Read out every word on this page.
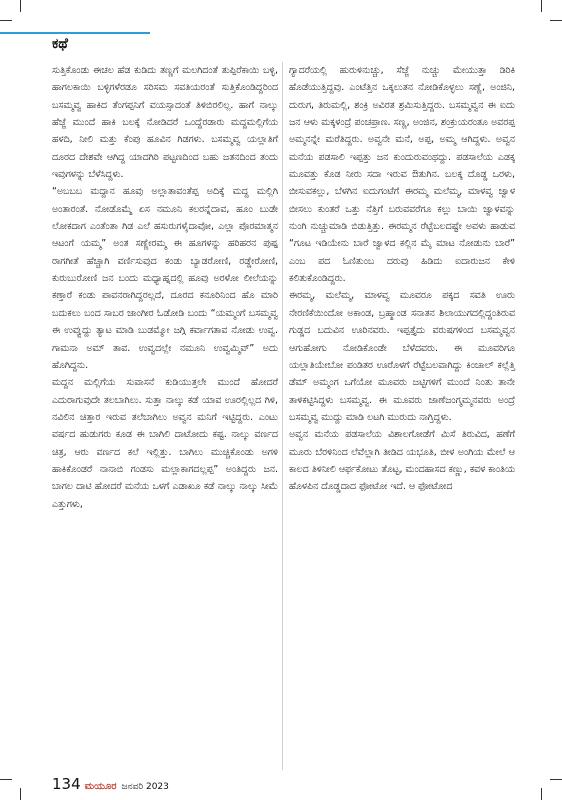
ಕಥೆ

ಸುತ್ತಿಕೊಂಡು ಈಚಲ ಹೆಡ ಕುಡಿದು ತಣ್ಣಗೆ ಮಲಗಿದಂತೆ ತುಪ್ಪಿರೆಕಾಯಿ ಬಳ್ಳಿ, ಹಾಗಲಕಾಯಿ ಬಳ್ಳಿಗಳೆರಡೂ ಸರಿಸಮ ಸವತಿಯರಂತೆ ಸುತ್ತಿಕೊಂಡಿದ್ದರಿಂದ ಬಸಮ್ಮವ್ವ ಹಾಕಿದ ತೆಂಗಪ್ಪನಿಗೆ ವಯಸ್ಸಾದಂತೆ ತಿಳಿಬಿರಲಿಲ್ಲ. ಹಾಗೆ ನಾಲ್ಕು ಹೆಜ್ಜೆ ಮುಂದೆ ಹಾಕಿ ಬಲಕ್ಕೆ ನೋಡಿದರೆ ಒಂದ್ದೆರಡಾರು ಮದ್ದಮಲ್ಲಿಗೆಯ ಹಳದಿ, ನೀಲಿ ಮತ್ತು ಕೆಂಪು ಹೂವಿನ ಗಿಡಗಳು. ಬಸಮ್ಮವ್ವ ಯಲ್ಲಾತಿಗೆ ದೂರದ ದೇಶವೇ ಆಗಿದ್ದ ಯಾದಗಿರಿ ಪಟ್ಟಣದಿಂದ ಬಹು ಜತನದಿಂದ ತಂದು ಇವುಗಳನ್ನು ಬೆಳೆಸಿದ್ದಳು.

“ಅಬಬಬ ಮದ್ದಾನ ಹೂವು ಅಲ್ಲಾತಾವಂತೆಪ್ಪ ಅದಿಕ್ಕೆ ಮದ್ದ ಮಲ್ಲಿಗಿ ಅಂತಾರಂತೆ. ನೋಡೊಮ್ಮೆ ಏಸ ನಮೂನಿ ಕಲರನ್ನೆದಾವ, ಹೂಂ ಬುಡೇ ಲೋಕದಾಗ ಎಂತೆಂತಾ ಗಿಡ ಎಲೆ ಹಸುರುಗಳೈದಾವೋ, ಎಲ್ಲಾ ಪೊರಮಾತ್ಮನ ಆಟಂಗೆ ಯಮ್ಮ” ಅಂತ ಸಣ್ಣೇರಮ್ಮ ಈ ಹೂಗಳನ್ನು ಹರಿಹರನ ಪುಷ್ಪ ರಾಗಗೀತೆ ಹೆಚ್ಚಾಗಿ ವರ್ಣಿಸುವುದ ಕಂಡು ಬ್ಯಾಡರೋಣಿ, ರಡ್ಡೇರೋಣಿ, ಕುರುಬುರೋಣಿ ಜನ ಬಂದು ಮಧ್ಯಾಹ್ನದಲ್ಲಿ ಹೂವು ಅರಳೋ ಲೀಲೆಯನ್ನು ಕಣ್ತಾರೆ ಕಂಡು ಪಾವನರಾಗಿದ್ದರಲ್ಲದೆ, ದೂರದ ಕನೂರಿನಿಂದ ಹೊ ಮಾರಿ ಬದುಕಲು ಬಂದ ಸಾಬರ ಜಾಂಗೀರ ಓಡೋಡಿ ಬಂದು “ಯಮ್ಮಂಗೆ ಬಸಮ್ಮವ್ವ ಈ ಉವ್ವುದ್ದು ತ್ಯಾಟ ಮಾಡಿ ಬುಡಮ್ಮೋ ಜಗ್ಗಿ ಕರ್ವಾಗತಾವ ನೋಡು ಉವ್ವ. ಗಾಮನಾ ಅಮ್ ತಾವ. ಉವ್ವದಲ್ಲೇ ನಮೂನಿ ಉವ್ವಮ್ಮಿವ್” ಅದು ಹೊಗಿದ್ದನು.

ಮದ್ದನ ಮಲ್ಲಿಗೆಯ ಸುವಾಸನೆ ಕುಡಿಯುತ್ತಲೇ ಮುಂದೆ ಹೋದರೆ ಎದುರಾಗುವುದೇ ತಲಬಾಗಿಲು. ಸುತ್ತಾ ನಾಲ್ಕು ಕಡೆ ಯಾವ ಊರಲ್ಲಿಲ್ಲದ ಗಿಳಿ, ನವಿಲಿನ ಚಿತ್ತಾರ ಇರುವ ತಲೆಬಾಗಿಲು ಅವ್ವನ ಮನಿಗೆ ಇಟ್ಟಿದ್ದರು. ಎಂಟು ವರ್ಷದ ಹುಡುಗರು ಕೂಡ ಈ ಬಾಗಿಲಿ ದಾಟೋದು ಕಷ್ಟ. ನಾಲ್ಕು ವರ್ಣದ ಚಿತ್ರ, ಆರು ವರ್ಣದ ಕಲೆ ಇಲ್ಲಿತ್ತು. ಬಾಗಿಲು ಮುಚ್ಚಿಕೊಂಡು ಅಗಳಿ ಹಾಕಿಕೊಂಡರೆ ನಾನಾಬಿ ಗಂಡಸು ಮಲ್ಲಾಕಾಗದಲ್ಲಪ್ಪ” ಅಂತಿದ್ದರು ಜನ. ಬಾಗಲ ದಾಟಿ ಹೋದರೆ ಮನೆಯ ಒಳಗೆ ಎಡಾಖೂ ಕಡೆ ನಾಲ್ಕು ನಾಲ್ಕು ಸೀಮೆ ಎತ್ತುಗಳು,

ಗ್ಯಾದರೆಯಲ್ಲಿ ಹುರುಳಿನುಚ್ಚು, ಸೆಜ್ಜೆ ನುಚ್ಚು ಮೇಯುತ್ತಾ ಡಿರಿಕಿ ಹೊಡೆಯುತ್ತಿದ್ದವು. ಎಂಟೆತ್ತಿನ ಒಕ್ಕಲುತನ ನೋಡಿಕೊಳ್ಳಲು ಸಣ್ಣೆ, ಅಂಜಿನಿ, ದುರುಗ, ತಿರುಮಲ್ಲಿ, ಶಂಕ್ರಿ ಅವಿರತ ಶ್ರಮಿಸುತ್ತಿದ್ದರು. ಬಸಮ್ಮವ್ವನ ಈ ಐದು ಜನ ಆಳು ಮಕ್ಕಳಂದ್ರೆ ಪಂಚಪ್ರಾಣ. ಸಣ್ಣ, ಅಂಜಿನ, ಶಂಕ್ರುಯರಂತೂ ಅವರಪ್ಪ ಅಮ್ಮನನ್ನೇ ಮರೆತಿದ್ದರು. ಅವ್ವನೇ ಮನೆ, ಅಪ್ಪ, ಅಮ್ಮ ಆಗಿದ್ದಳು. ಅವ್ವನ ಮನೆಯ ಪಡಸಾಲಿ ಇಪ್ಪತ್ತು ಜನ ಕುಂದುರುವಂಥದ್ದು. ಪಡಸಾಲೆಯ ಎಡಕ್ಕ ಮೂವತ್ತು ಕೊಡ ನೀರು ಸದಾ ಇರುವ ಔತುಗಿನ. ಬಲಕ್ಕ ದೊಡ್ಡ ಒರಳು, ಬೀಸುವಕಲ್ಲು, ಬೆಳಗಿನ ಐದುಗಂಟೆಗೆ ಈರಮ್ಮ ಮಲೆಮ್ಮ, ಮಾಳವ್ವ ಜ್ವಾಳ ಬೀಸಲು ಕುಂತರೆ ಒತ್ತು ನೆತ್ತಿಗೆ ಬರುವವರೆಗೂ ಕಲ್ಲು ಬಾಯಿ ಜ್ವಾಳವನ್ನು ನುಂಗಿ ನುಚ್ಚುಮಾಡಿ ಬಿಡುತ್ತಿತ್ತು. ಈರಮ್ಮನ ರೆಟ್ಟೆಬಲದಷ್ಟೇ ಅವಳು ಹಾಡುವ “ಗೂಟ ಇಡಿಯೇನು ಬಾರೆ ಜ್ವಾಳದ ಕಲ್ಲಿನ ಮೈ ಮಾಟ ನೋಡುನು ಬಾರೆ” ಎಂಬ ಪದ ಓಣಿತುಂಬ ದರುವು ಹಿಡಿದು ಐದಾರುಜನ ಕೇಳಿ ಕಲಿತುಕೊಂಡಿದ್ದರು.

ಈರಮ್ಮ, ಮಲೆಮ್ಮ, ಮಾಳವ್ವ ಮೂವರೂ ಪಕ್ಕದ ಸವತಿ ಊರು ನೇರಣಿಕೆಯಿಂದೋ ಅಕಾಂಡ, ಬ್ರಹ್ಮಾಂಡ ಸನಾತನ ಶಿಲಾಯುಗದಲ್ಲಿದ್ದಂತಿರುವ ಗುಡ್ಡದ ಬದುವಿನ ಊರಿನವರು. ಇಪ್ಪತ್ತೈದು ವರುಷಗಳಿಂದ ಬಸಮ್ಮವ್ವನ ಆಗುಹೋಗು ನೋಡಿಕೊಂಡೇ ಬೆಳೆದವರು. ಈ ಮೂವರಿಗೂ ಯಲ್ಲಾತಿಯೇಬೋ ಪಂಡಿತರ ಊರೊಳಗೆ ರೆಟ್ಟೆಬಲವಾಗಿದ್ದು ಕಿಂಚಾಲ್ ಕಲ್ಲೆತ್ತಿ ಡೆಮ್ ಅಮ್ಮಂಗ ಒಗೆಯೋ ಮೂವರು ಜಟ್ಟಿಗಳಿಗೆ ಮುಂದೆ ನಿಂತು ತಾನೇ ತಾಳಿಕಟ್ಟಿಸಿದ್ದಳು ಬಸಮ್ಮವ್ವ. ಈ ಮೂವರು ಜಾಣೆಜಂಗ್ಮಮ್ಮನವರು ಅಂದ್ರೆ ಬಸಮ್ಮವ್ವ ಮುದ್ದು ಮಾಡಿ ಲಟಗಿ ಮುರುದು ನಾಗ್ತಿದ್ದಳು.

ಅವ್ವನ ಮನೆಯ ಪಡಸಾಲೆಯ ವಿಶಾಲಗೋಡೆಗೆ ಮಿಸೆ ತಿರುವಿದ, ಹಣೆಗೆ ಮೂರು ಬೆರಳಿನಿಂದ ಲೆವೆಲ್ಲಾಗಿ ತೀಡಿದ ಯಭೂತಿ, ಬೀಳ ಅಂಗಿಯ ಮೇಲೆ ಆ ಕಾಲದ ತಿಳಿನೀಲಿ ಆರ್ಫಕೋಟು ತೊಟ್ಟ, ಮಂದಹಾಸದ ಕಣ್ಣು, ಕವಳ ಕಾಂತಿಯ ಹೊಳಪಿನ ದೊಡ್ಡದಾದ ಫೋಟೋ ಇದೆ. ಆ ಫೋಟೋದ

134 ಮಯೂರ ಜನವರಿ 2023
